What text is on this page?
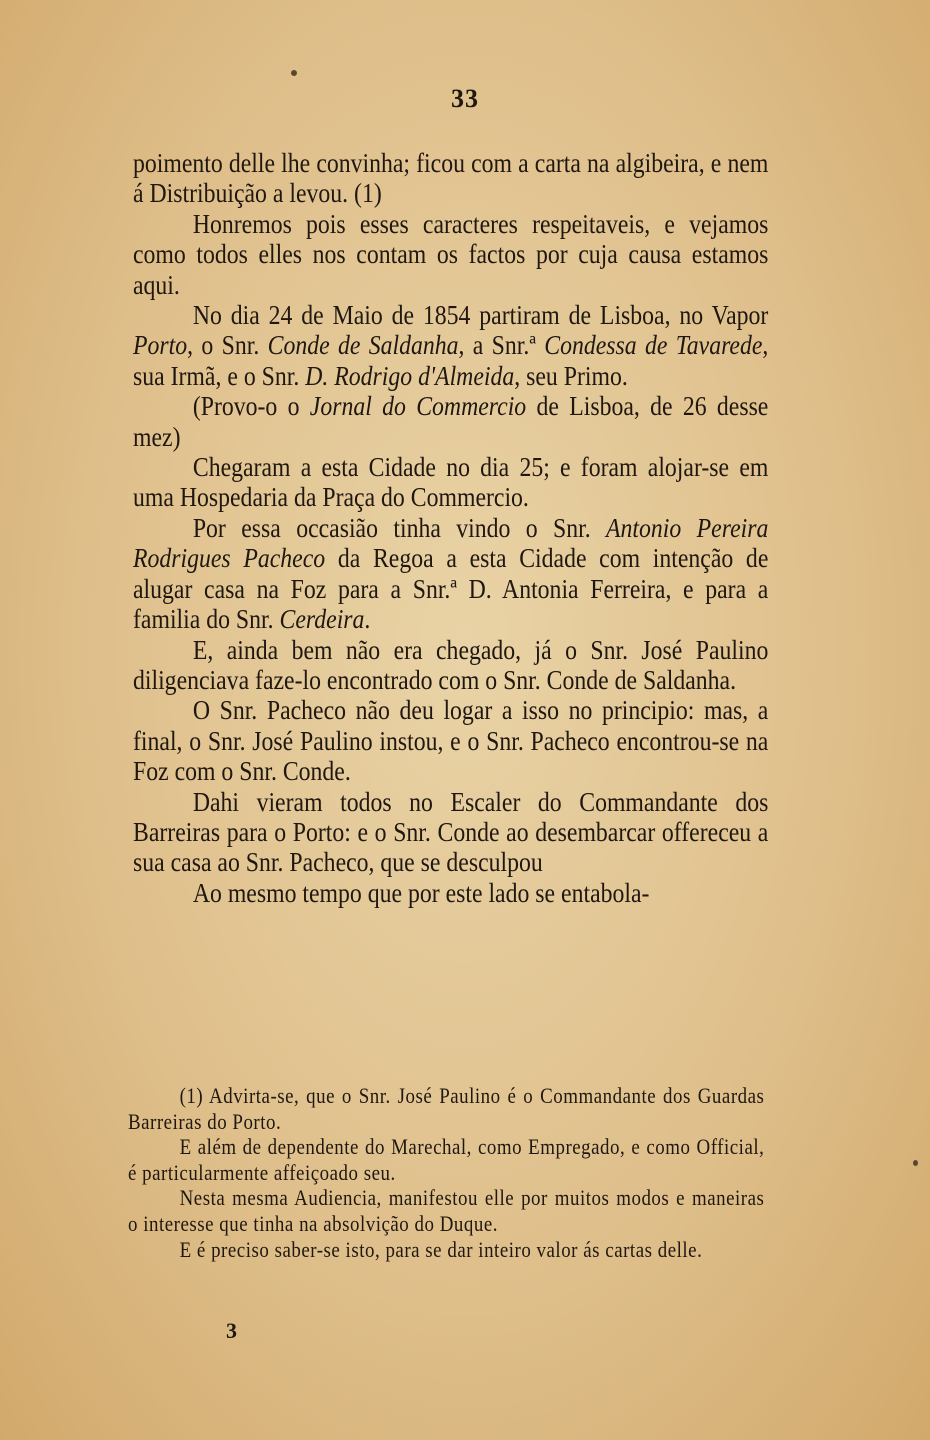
33

poimento delle lhe convinha; ficou com a carta na algibeira, e nem á Distribuição a levou. (1)

Honremos pois esses caracteres respeitaveis, e vejamos como todos elles nos contam os factos por cuja causa estamos aqui.

No dia 24 de Maio de 1854 partiram de Lisboa, no Vapor Porto, o Snr. Conde de Saldanha, a Snr.ª Condessa de Tavarede, sua Irmã, e o Snr. D. Rodrigo d'Almeida, seu Primo.

(Provo-o o Jornal do Commercio de Lisboa, de 26 desse mez)

Chegaram a esta Cidade no dia 25; e foram alojar-se em uma Hospedaria da Praça do Commercio.

Por essa occasião tinha vindo o Snr. Antonio Pereira Rodrigues Pacheco da Regoa a esta Cidade com intenção de alugar casa na Foz para a Snr.ª D. Antonia Ferreira, e para a familia do Snr. Cerdeira.

E, ainda bem não era chegado, já o Snr. José Paulino diligenciava faze-lo encontrado com o Snr. Conde de Saldanha.

O Snr. Pacheco não deu logar a isso no principio: mas, a final, o Snr. José Paulino instou, e o Snr. Pacheco encontrou-se na Foz com o Snr. Conde.

Dahi vieram todos no Escaler do Commandante dos Barreiras para o Porto: e o Snr. Conde ao desembarcar offereceu a sua casa ao Snr. Pacheco, que se desculpou

Ao mesmo tempo que por este lado se entabola-

(1) Advirta-se, que o Snr. José Paulino é o Commandante dos Guardas Barreiras do Porto.

E além de dependente do Marechal, como Empregado, e como Official, é particularmente affeiçoado seu.

Nesta mesma Audiencia, manifestou elle por muitos modos e maneiras o interesse que tinha na absolvição do Duque.

E é preciso saber-se isto, para se dar inteiro valor ás cartas delle.

3
